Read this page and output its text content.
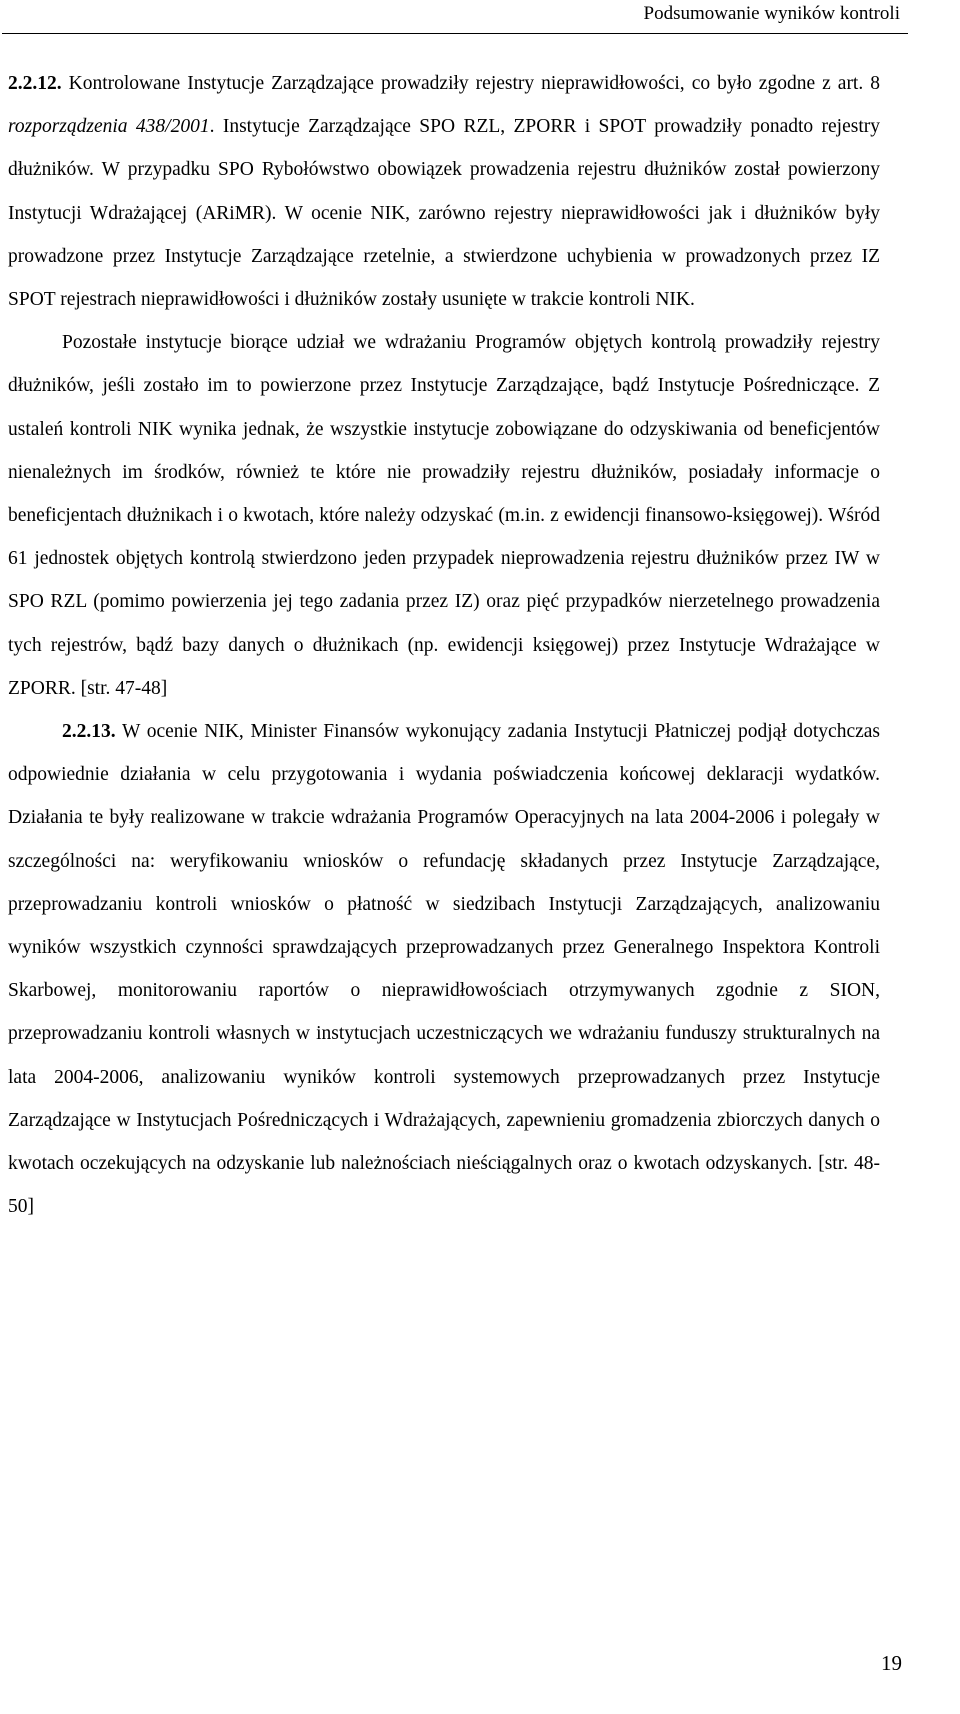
Podsumowanie wyników kontroli

2.2.12. Kontrolowane Instytucje Zarządzające prowadziły rejestry nieprawidłowości, co było zgodne z art. 8 rozporządzenia 438/2001. Instytucje Zarządzające SPO RZL, ZPORR i SPOT prowadziły ponadto rejestry dłużników. W przypadku SPO Rybołówstwo obowiązek prowadzenia rejestru dłużników został powierzony Instytucji Wdrażającej (ARiMR). W ocenie NIK, zarówno rejestry nieprawidłowości jak i dłużników były prowadzone przez Instytucje Zarządzające rzetelnie, a stwierdzone uchybienia w prowadzonych przez IZ SPOT rejestrach nieprawidłowości i dłużników zostały usunięte w trakcie kontroli NIK.

Pozostałe instytucje biorące udział we wdrażaniu Programów objętych kontrolą prowadziły rejestry dłużników, jeśli zostało im to powierzone przez Instytucje Zarządzające, bądź Instytucje Pośredniczące. Z ustaleń kontroli NIK wynika jednak, że wszystkie instytucje zobowiązane do odzyskiwania od beneficjentów nienależnych im środków, również te które nie prowadziły rejestru dłużników, posiadały informacje o beneficjentach dłużnikach i o kwotach, które należy odzyskać (m.in. z ewidencji finansowo-księgowej). Wśród 61 jednostek objętych kontrolą stwierdzono jeden przypadek nieprowadzenia rejestru dłużników przez IW w SPO RZL (pomimo powierzenia jej tego zadania przez IZ) oraz pięć przypadków nierzetelnego prowadzenia tych rejestrów, bądź bazy danych o dłużnikach (np. ewidencji księgowej) przez Instytucje Wdrażające w ZPORR. [str. 47-48]

2.2.13. W ocenie NIK, Minister Finansów wykonujący zadania Instytucji Płatniczej podjął dotychczas odpowiednie działania w celu przygotowania i wydania poświadczenia końcowej deklaracji wydatków. Działania te były realizowane w trakcie wdrażania Programów Operacyjnych na lata 2004-2006 i polegały w szczególności na: weryfikowaniu wniosków o refundację składanych przez Instytucje Zarządzające, przeprowadzaniu kontroli wniosków o płatność w siedzibach Instytucji Zarządzających, analizowaniu wyników wszystkich czynności sprawdzających przeprowadzanych przez Generalnego Inspektora Kontroli Skarbowej, monitorowaniu raportów o nieprawidłowościach otrzymywanych zgodnie z SION, przeprowadzaniu kontroli własnych w instytucjach uczestniczących we wdrażaniu funduszy strukturalnych na lata 2004-2006, analizowaniu wyników kontroli systemowych przeprowadzanych przez Instytucje Zarządzające w Instytucjach Pośredniczących i Wdrażających, zapewnieniu gromadzenia zbiorczych danych o kwotach oczekujących na odzyskanie lub należnościach nieściągalnych oraz o kwotach odzyskanych. [str. 48-50]

19
